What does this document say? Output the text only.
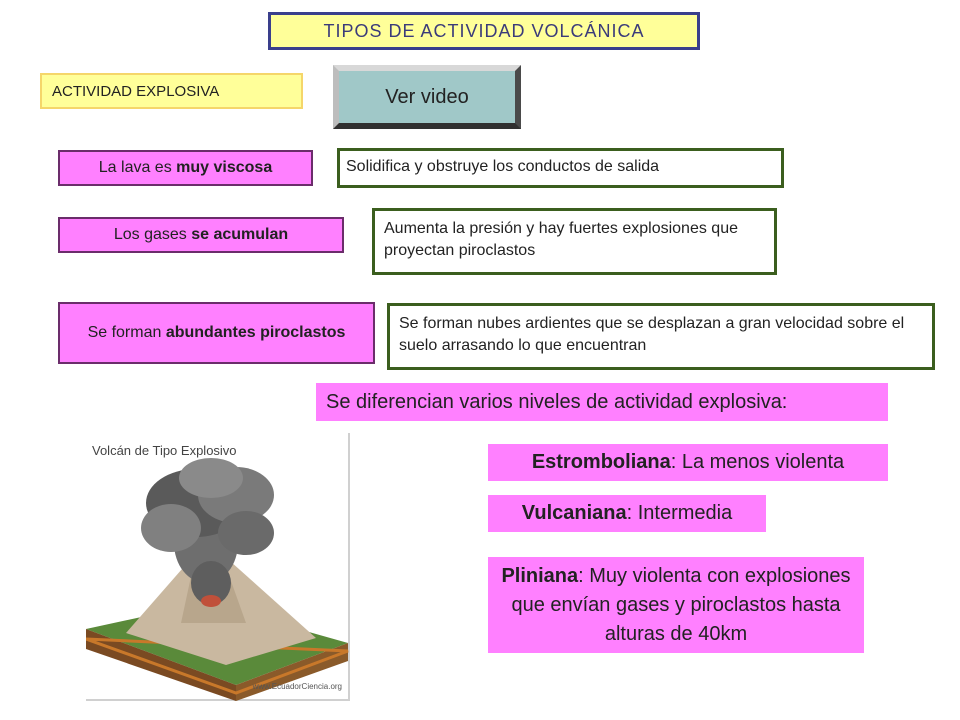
TIPOS DE ACTIVIDAD VOLCÁNICA
ACTIVIDAD EXPLOSIVA	Ver video
La lava es muy viscosa
Los gases se acumulan
Se forman abundantes piroclastos
Solidifica y obstruye los conductos de salida
Aumenta la presión y hay fuertes explosiones que proyectan piroclastos
Se forman nubes ardientes que se desplazan a gran velocidad sobre el suelo arrasando lo que encuentran
Se diferencian varios niveles de actividad explosiva:
Estromboliana: La menos violenta
Vulcaniana: Intermedia
Pliniana: Muy violenta con explosiones que envían gases y piroclastos hasta alturas de 40km
Volcán de Tipo Explosivo
www.EcuadorCiencia.org
